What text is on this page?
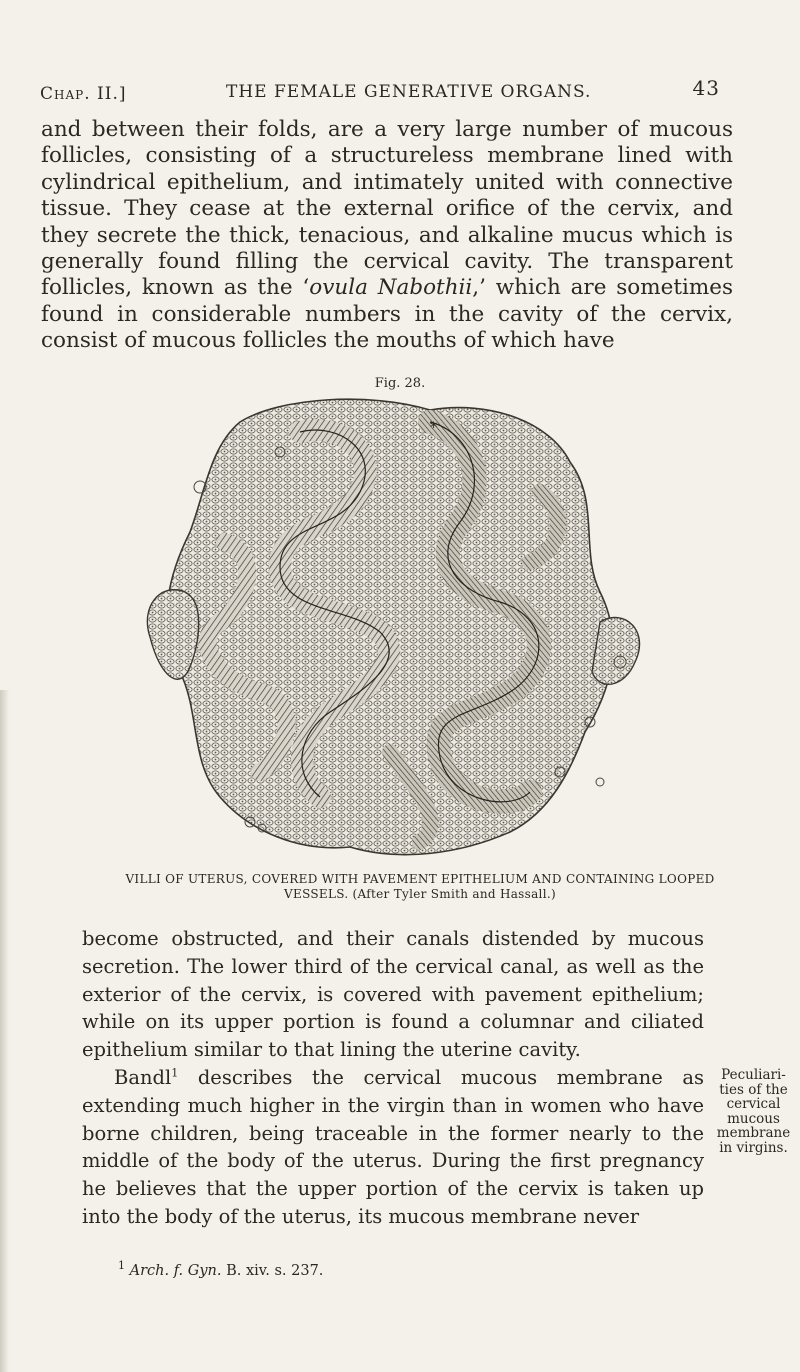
Chap. II.]	THE FEMALE GENERATIVE ORGANS.	43

and between their folds, are a very large number of mucous follicles, consisting of a structureless membrane lined with cylindrical epithelium, and intimately united with connective tissue. They cease at the external orifice of the cervix, and they secrete the thick, tenacious, and alkaline mucus which is generally found filling the cervical cavity. The transparent follicles, known as the ‘ovula Nabothii,’ which are sometimes found in considerable numbers in the cavity of the cervix, consist of mucous follicles the mouths of which have

Fig. 28.
*
VILLI OF UTERUS, COVERED WITH PAVEMENT EPITHELIUM AND CONTAINING LOOPED
VESSELS. (After Tyler Smith and Hassall.)

become obstructed, and their canals distended by mucous secretion. The lower third of the cervical canal, as well as the exterior of the cervix, is covered with pavement epithelium; while on its upper portion is found a columnar and ciliated epithelium similar to that lining the uterine cavity.
Bandl$^1$ describes the cervical mucous membrane as extending much higher in the virgin than in women who have borne children, being traceable in the former nearly to the middle of the body of the uterus. During the first pregnancy he believes that the upper portion of the cervix is taken up into the body of the uterus, its mucous membrane never

Peculiari-
ties of the
cervical
mucous
membrane
in virgins.
$^1$ Arch. f. Gyn. B. xiv. s. 237.
